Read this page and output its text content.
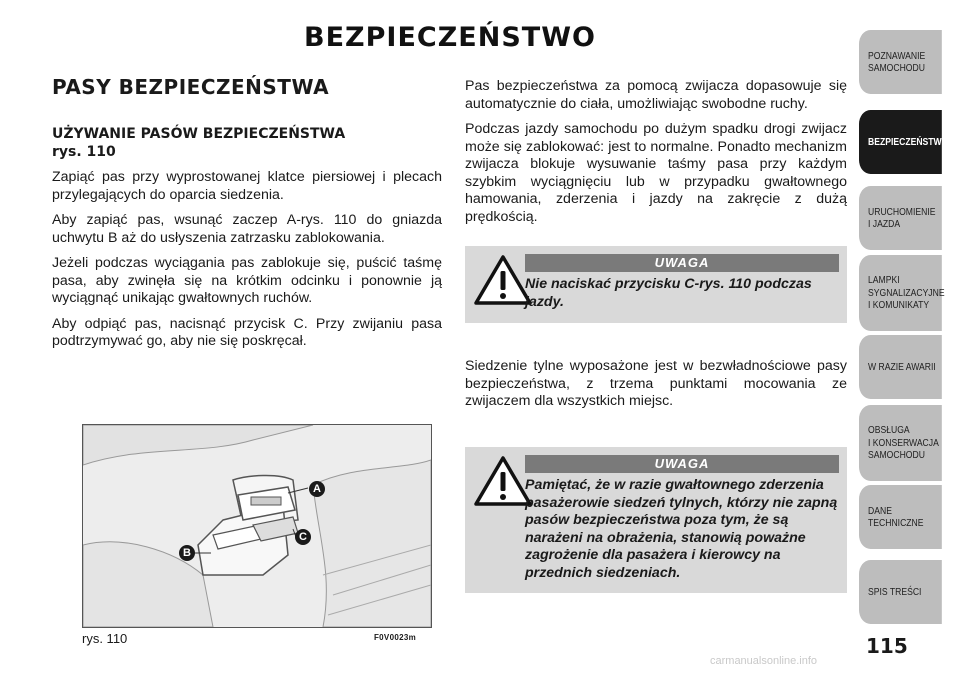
BEZPIECZEŃSTWO
PASY BEZPIECZEŃSTWA
UŻYWANIE PASÓW BEZPIECZEŃSTWA
rys. 110

Zapiąć pas przy wyprostowanej klatce piersiowej i plecach przylegających do oparcia siedzenia.

Aby zapiąć pas, wsunąć zaczep A-rys. 110 do gniazda uchwytu B aż do usłyszenia zatrzasku zablokowania.

Jeżeli podczas wyciągania pas zablokuje się, puścić taśmę pasa, aby zwinęła się na krótkim odcinku i ponownie ją wyciągnąć unikając gwałtownych ruchów.

Aby odpiąć pas, nacisnąć przycisk C. Przy zwijaniu pasa podtrzymywać go, aby nie się poskręcał.

Pas bezpieczeństwa za pomocą zwijacza dopasowuje się automatycznie do ciała, umożliwiając swobodne ruchy.

Podczas jazdy samochodu po dużym spadku drogi zwijacz może się zablokować: jest to normalne. Ponadto mechanizm zwijacza blokuje wysuwanie taśmy pasa przy każdym szybkim wyciągnięciu lub w przypadku gwałtownego hamowania, zderzenia i jazdy na zakręcie z dużą prędkością.

UWAGA
Nie naciskać przycisku C-rys. 110 podczas jazdy.

Siedzenie tylne wyposażone jest w bezwładnościowe pasy bezpieczeństwa, z trzema punktami mocowania ze zwijaczem dla wszystkich miejsc.

UWAGA
Pamiętać, że w razie gwałtownego zderzenia pasażerowie siedzeń tylnych, którzy nie zapną pasów bezpieczeństwa poza tym, że są narażeni na obrażenia, stanowią poważne zagrożenie dla pasażera i kierowcy na przednich siedzeniach.
A
B
C
rys. 110	F0V0023m
POZNAWANIE
SAMOCHODU
BEZPIECZEŃSTWO
URUCHOMIENIE
I JAZDA
LAMPKI
SYGNALIZACYJNE
I KOMUNIKATY
W RAZIE AWARII
OBSŁUGA
I KONSERWACJA
SAMOCHODU
DANE
TECHNICZNE
SPIS TREŚCI
115
carmanualsonline.info
